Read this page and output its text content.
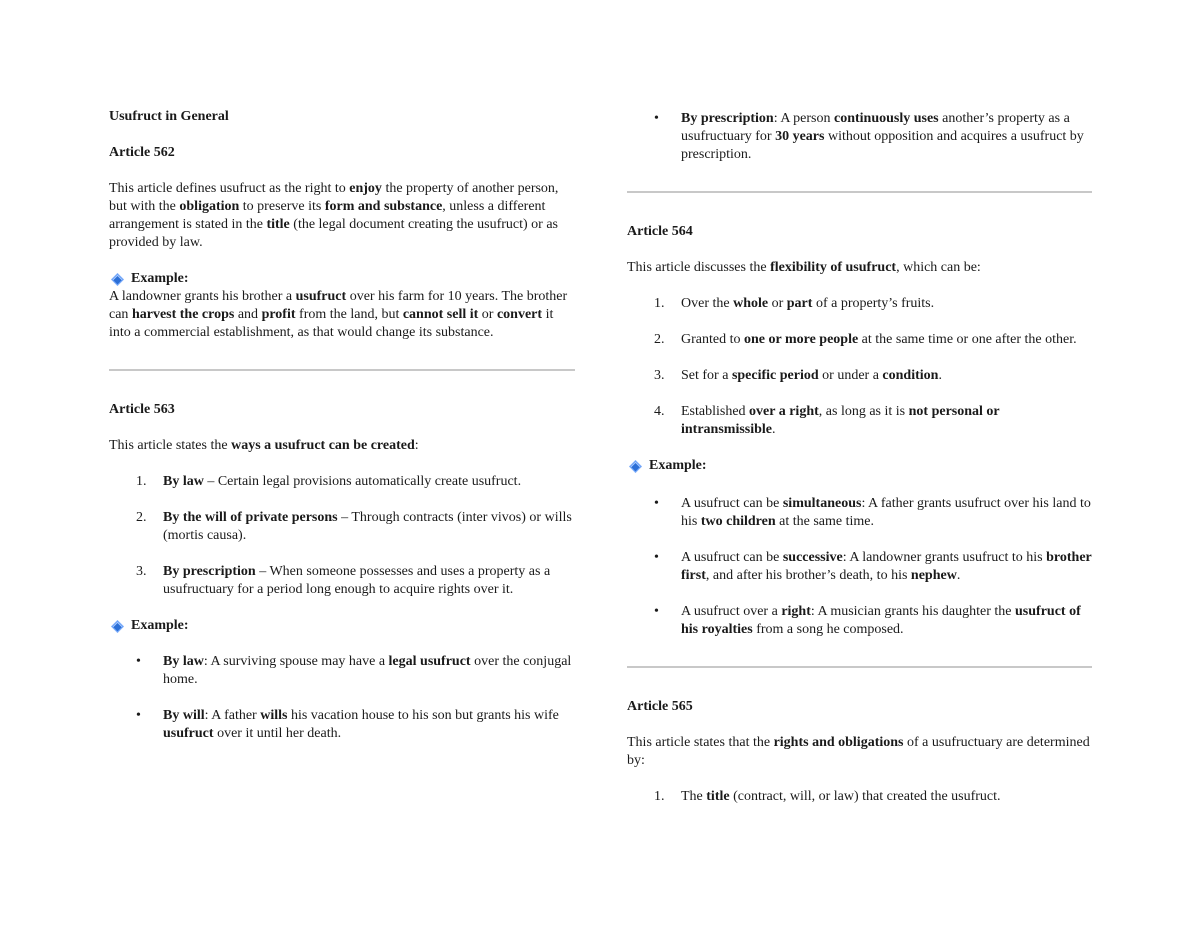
Usufruct in General

Article 562

This article defines usufruct as the right to enjoy the property of another person, but with the obligation to preserve its form and substance, unless a different arrangement is stated in the title (the legal document creating the usufruct) or as provided by law.

Example:

A landowner grants his brother a usufruct over his farm for 10 years. The brother can harvest the crops and profit from the land, but cannot sell it or convert it into a commercial establishment, as that would change its substance.

Article 563

This article states the ways a usufruct can be created:

1.	By law – Certain legal provisions automatically create usufruct.
2.	By the will of private persons – Through contracts (inter vivos) or wills (mortis causa).
3.	By prescription – When someone possesses and uses a property as a usufructuary for a period long enough to acquire rights over it.
Example:
•	By law: A surviving spouse may have a legal usufruct over the conjugal home.
•	By will: A father wills his vacation house to his son but grants his wife usufruct over it until her death.
•	By prescription: A person continuously uses another’s property as a usufructuary for 30 years without opposition and acquires a usufruct by prescription.

Article 564

This article discusses the flexibility of usufruct, which can be:

1.	Over the whole or part of a property’s fruits.
2.	Granted to one or more people at the same time or one after the other.
3.	Set for a specific period or under a condition.
4.	Established over a right, as long as it is not personal or intransmissible.
Example:
•	A usufruct can be simultaneous: A father grants usufruct over his land to his two children at the same time.
•	A usufruct can be successive: A landowner grants usufruct to his brother first, and after his brother’s death, to his nephew.
•	A usufruct over a right: A musician grants his daughter the usufruct of his royalties from a song he composed.

Article 565

This article states that the rights and obligations of a usufructuary are determined by:

1.	The title (contract, will, or law) that created the usufruct.
